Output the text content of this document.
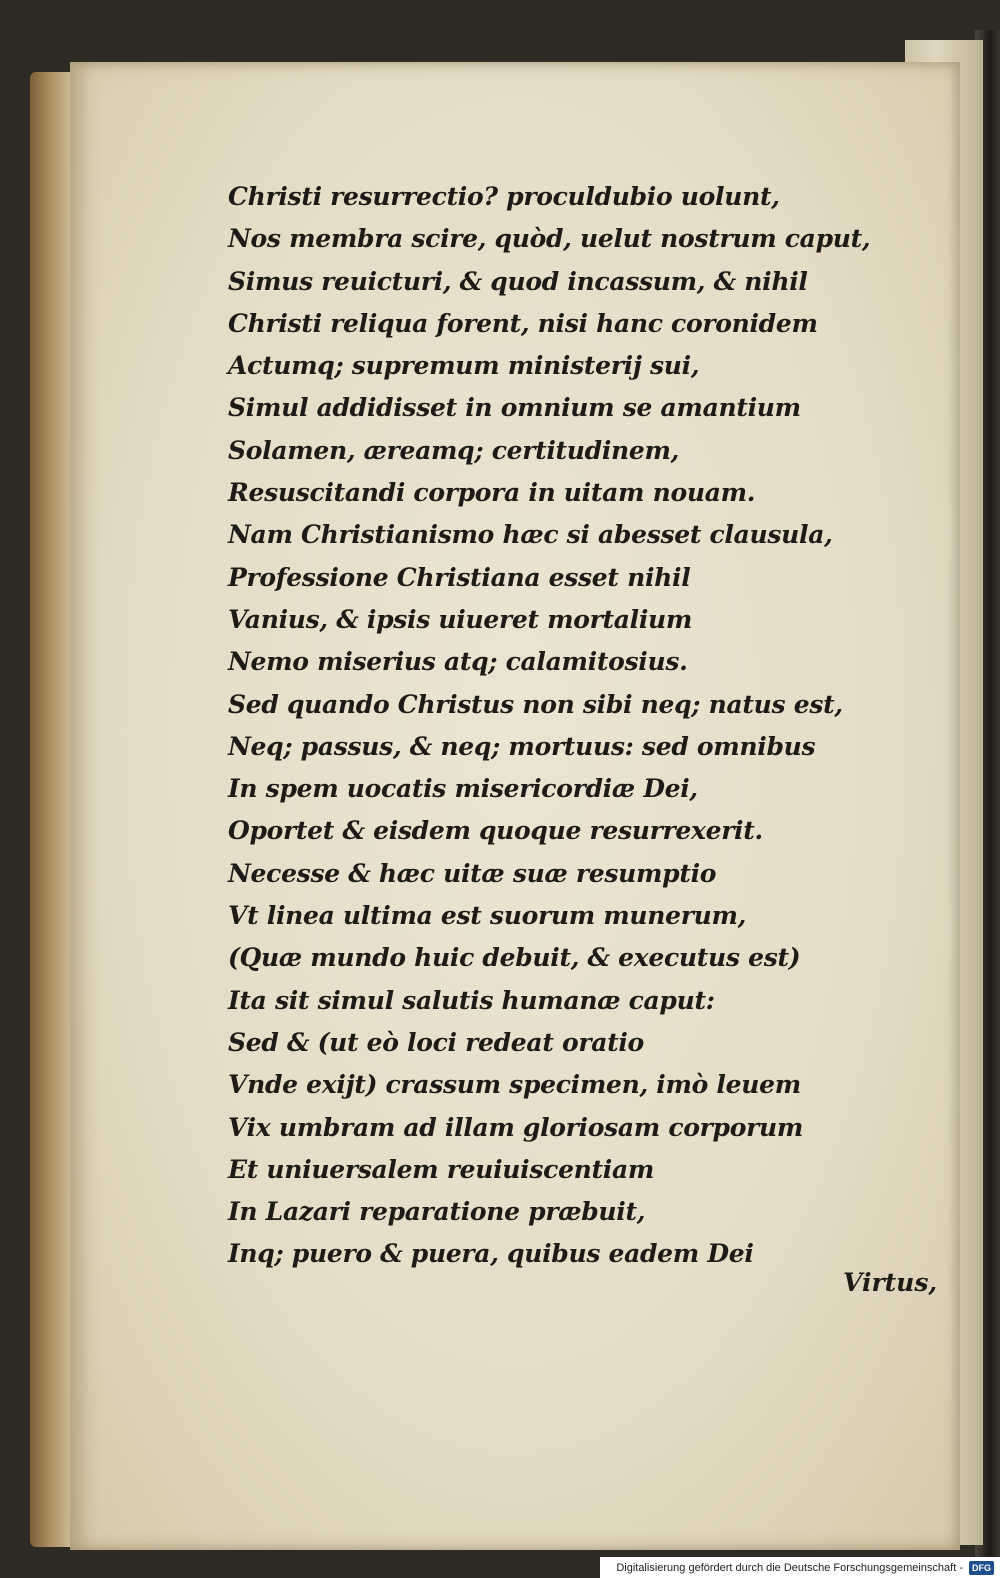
Christi resurrectio? proculdubio uolunt,
Nos membra scire, quòd, uelut nostrum caput,
Simus reuicturi, & quod incassum, & nihil
Christi reliqua forent, nisi hanc coronidem
Actumq; supremum ministerij sui,
Simul addidisset in omnium se amantium
Solamen, æreamq; certitudinem,
Resuscitandi corpora in uitam nouam.
Nam Christianismo hæc si abesset clausula,
Professione Christiana esset nihil
Vanius, & ipsis uiueret mortalium
Nemo miserius atq; calamitosius.
Sed quando Christus non sibi neq; natus est,
Neq; passus, & neq; mortuus: sed omnibus
In spem uocatis misericordiæ Dei,
Oportet & eisdem quoque resurrexerit.
Necesse & hæc uitæ suæ resumptio
Vt linea ultima est suorum munerum,
(Quæ mundo huic debuit, & executus est)
Ita sit simul salutis humanæ caput:
Sed & (ut eò loci redeat oratio
Vnde exijt) crassum specimen, imò leuem
Vix umbram ad illam gloriosam corporum
Et uniuersalem reuiuiscentiam
In Lazari reparatione præbuit,
Inq; puero & puera, quibus eadem Dei
Virtus,
Digitalisierung gefördert durch die Deutsche Forschungsgemeinschaft -	DFG
